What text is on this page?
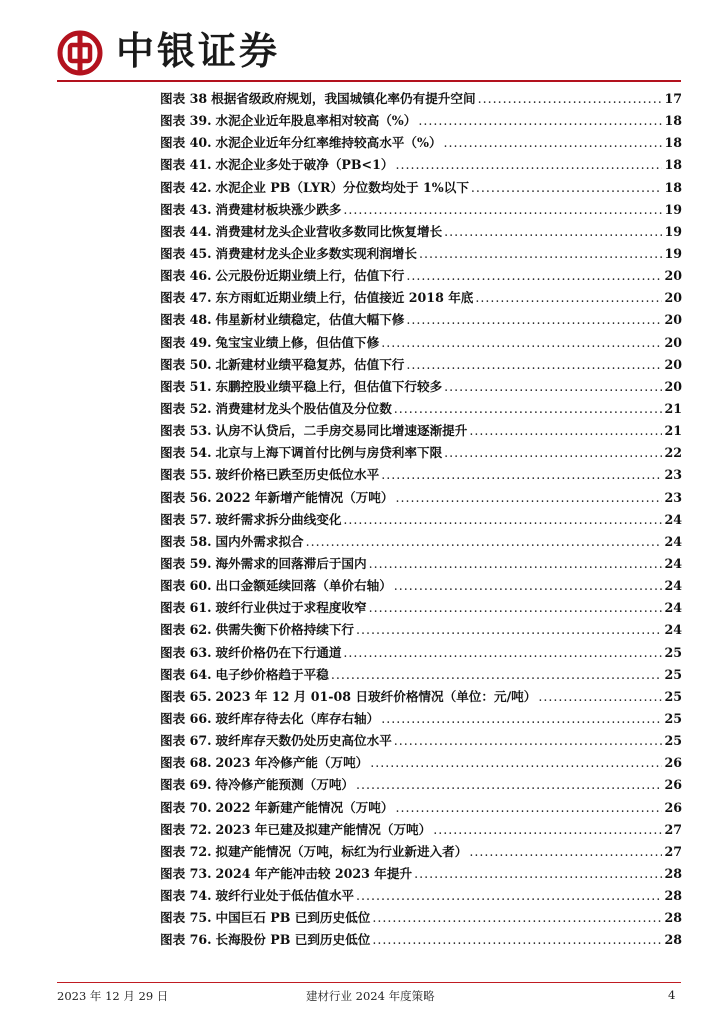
中银证券
图表 38 根据省级政府规划，我国城镇化率仍有提升空间 .....	17
图表 39. 水泥企业近年股息率相对较高（%） .....	18
图表 40. 水泥企业近年分红率维持较高水平（%） .....	18
图表 41. 水泥企业多处于破净（PB<1） .....	18
图表 42. 水泥企业 PB（LYR）分位数均处于 1%以下 .....	18
图表 43. 消费建材板块涨少跌多 .....	19
图表 44. 消费建材龙头企业营收多数同比恢复增长 .....	19
图表 45. 消费建材龙头企业多数实现利润增长 .....	19
图表 46. 公元股份近期业绩上行，估值下行 .....	20
图表 47. 东方雨虹近期业绩上行，估值接近 2018 年底 .....	20
图表 48. 伟星新材业绩稳定，估值大幅下修 .....	20
图表 49. 兔宝宝业绩上修，但估值下修 .....	20
图表 50. 北新建材业绩平稳复苏，估值下行 .....	20
图表 51. 东鹏控股业绩平稳上行，但估值下行较多 .....	20
图表 52. 消费建材龙头个股估值及分位数 .....	21
图表 53. 认房不认贷后，二手房交易同比增速逐渐提升 .....	21
图表 54. 北京与上海下调首付比例与房贷利率下限 .....	22
图表 55. 玻纤价格已跌至历史低位水平 .....	23
图表 56. 2022 年新增产能情况（万吨） .....	23
图表 57. 玻纤需求拆分曲线变化 .....	24
图表 58. 国内外需求拟合 .....	24
图表 59. 海外需求的回落滞后于国内 .....	24
图表 60. 出口金额延续回落（单价右轴） .....	24
图表 61. 玻纤行业供过于求程度收窄 .....	24
图表 62. 供需失衡下价格持续下行 .....	24
图表 63. 玻纤价格仍在下行通道 .....	25
图表 64. 电子纱价格趋于平稳 .....	25
图表 65. 2023 年 12 月 01-08 日玻纤价格情况（单位：元/吨） .....	25
图表 66. 玻纤库存待去化（库存右轴） .....	25
图表 67. 玻纤库存天数仍处历史高位水平 .....	25
图表 68. 2023 年冷修产能（万吨） .....	26
图表 69. 待冷修产能预测（万吨） .....	26
图表 70. 2022 年新建产能情况（万吨） .....	26
图表 72. 2023 年已建及拟建产能情况（万吨） .....	27
图表 72. 拟建产能情况（万吨，标红为行业新进入者） .....	27
图表 73. 2024 年产能冲击较 2023 年提升 .....	28
图表 74. 玻纤行业处于低估值水平 .....	28
图表 75. 中国巨石 PB 已到历史低位 .....	28
图表 76. 长海股份 PB 已到历史低位 .....	28
2023 年 12 月 29 日	建材行业 2024 年度策略	4
